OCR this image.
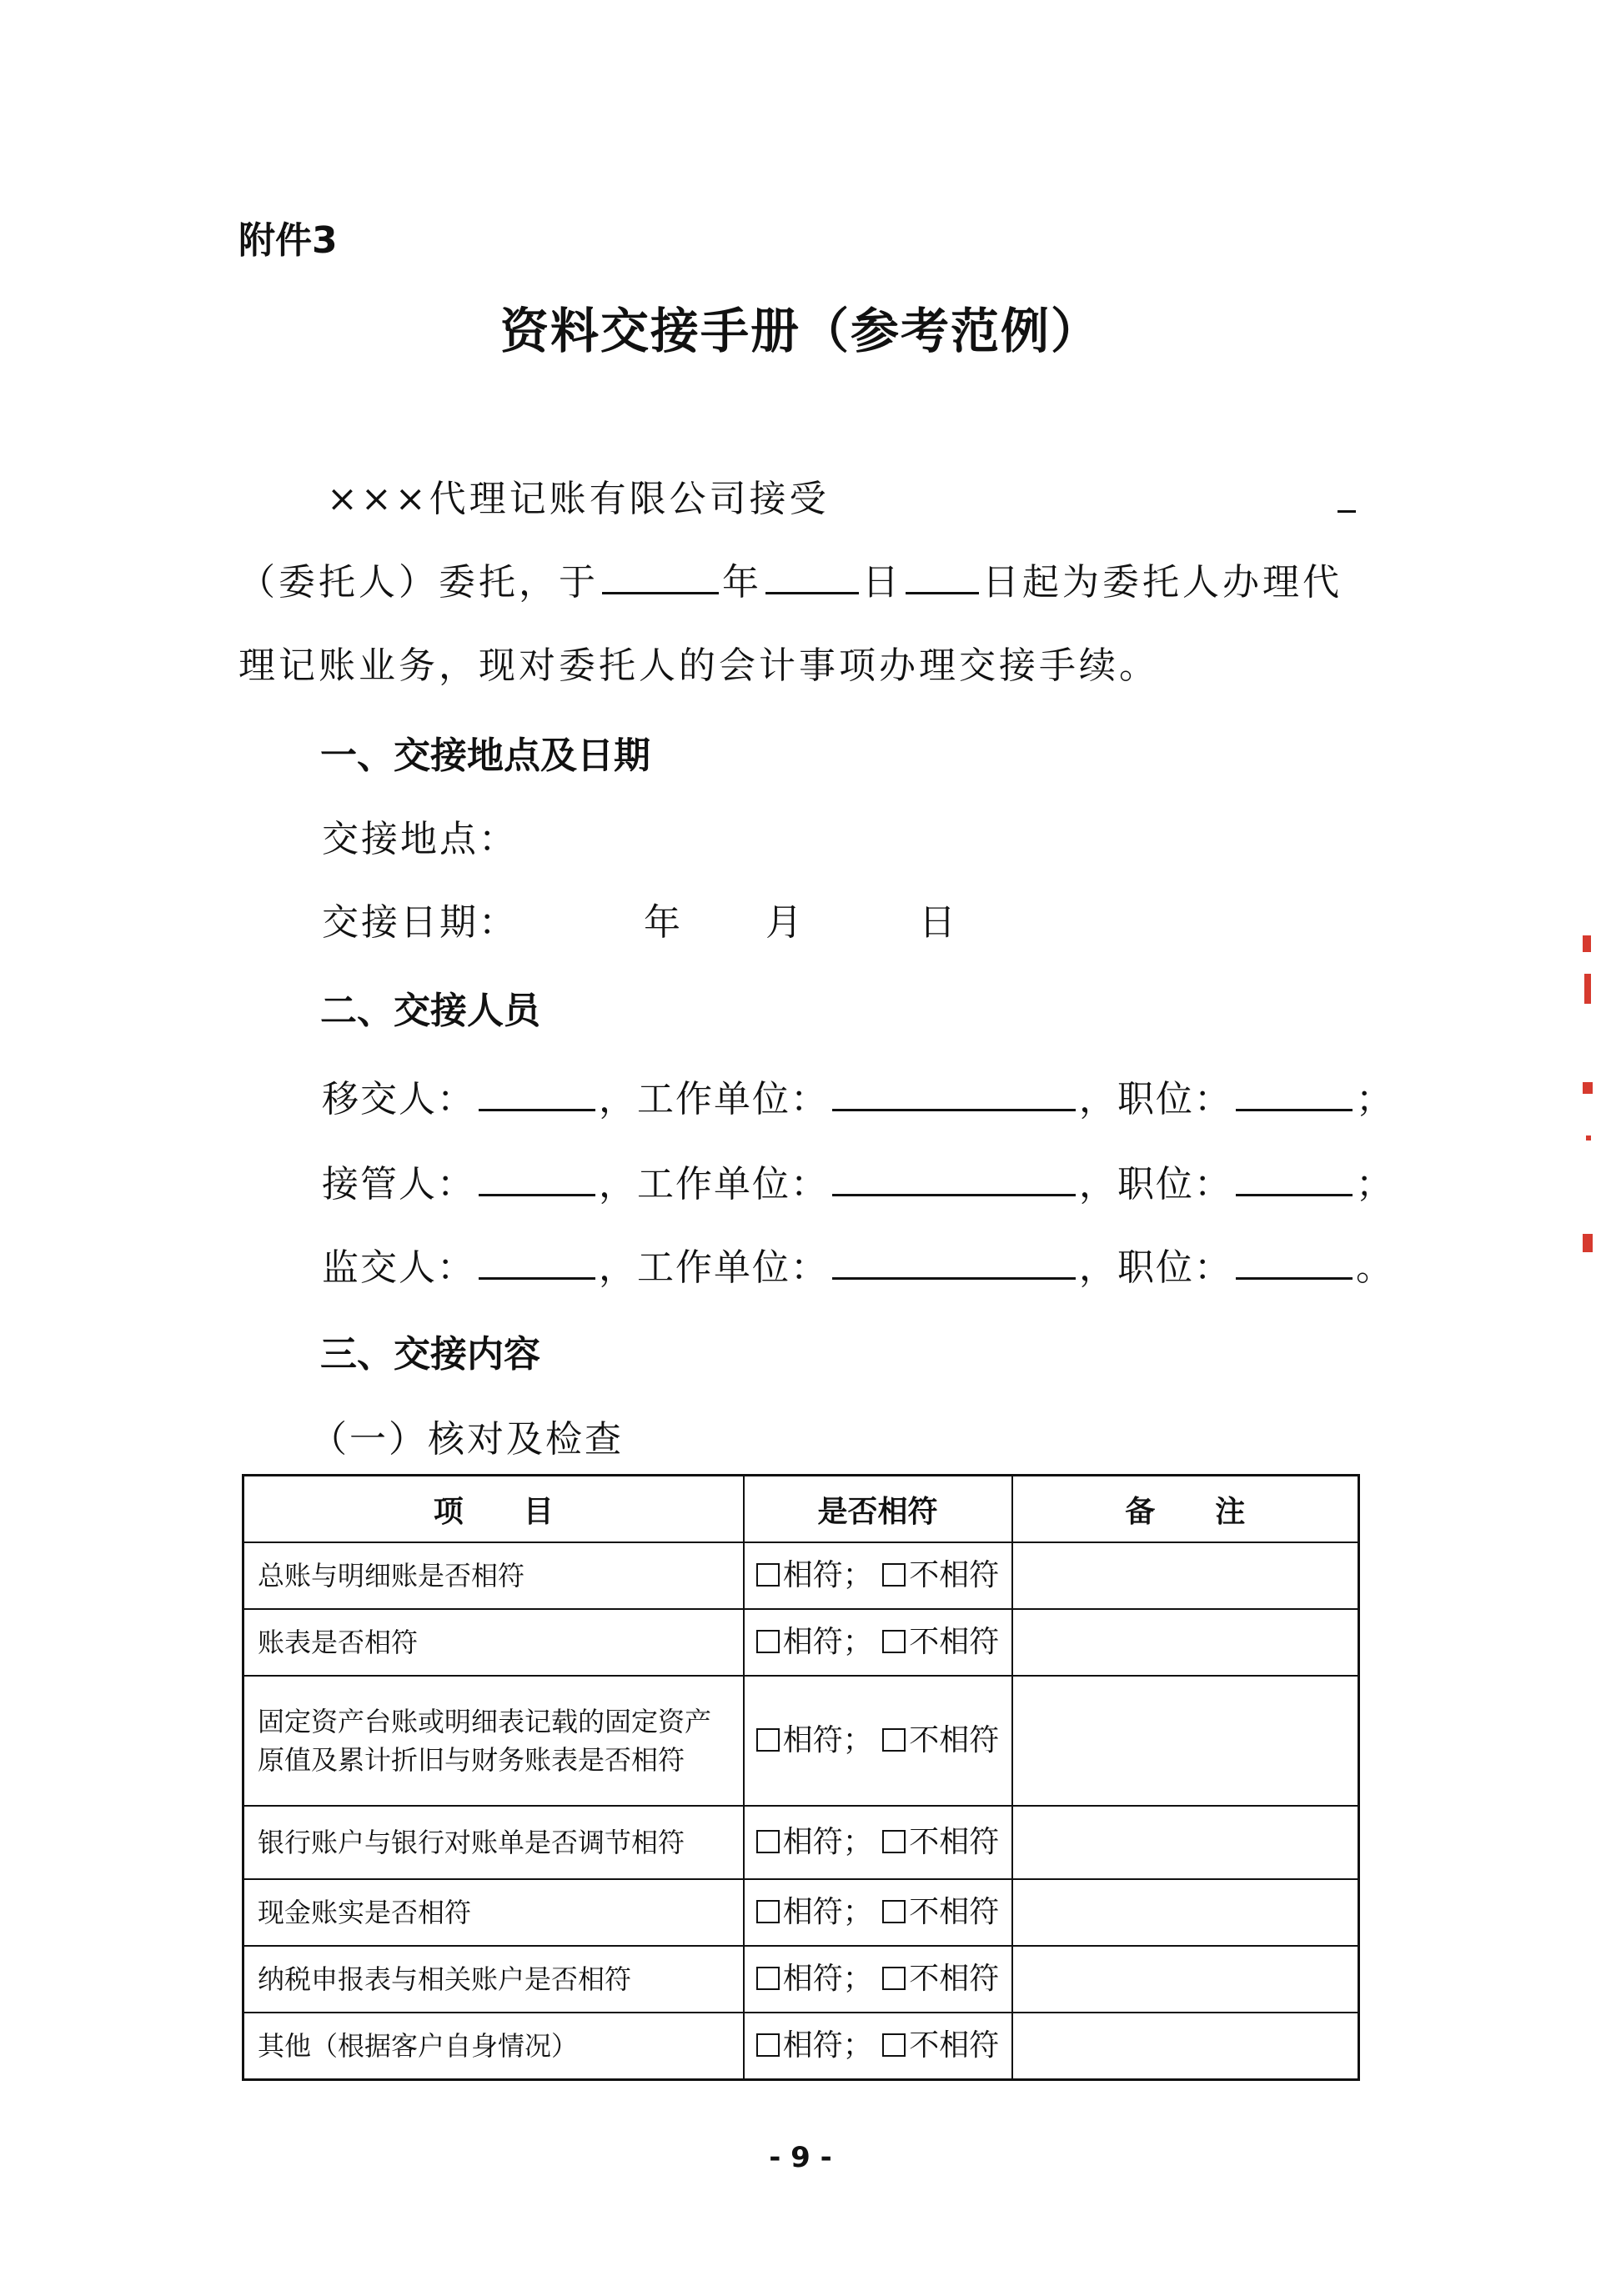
附件3
资料交接手册（参考范例）
×××代理记账有限公司接受
（委托人）委托，于	年	日 日起为委托人办理代
理记账业务，现对委托人的会计事项办理交接手续。
一、交接地点及日期
交接地点：
交接日期：	年 月	日
二、交接人员
移交人：	，工作单位：	，职位：	；
接管人：	，工作单位：	，职位：	；
监交人：	，工作单位：	，职位：	。
三、交接内容
（一）核对及检查
项　　目	是否相符	备　　注
总账与明细账是否相符	相符； 不相符	
账表是否相符	相符； 不相符	
固定资产台账或明细表记载的固定资产原值及累计折旧与财务账表是否相符	相符； 不相符	
银行账户与银行对账单是否调节相符	相符； 不相符	
现金账实是否相符	相符； 不相符	
纳税申报表与相关账户是否相符	相符； 不相符	
其他（根据客户自身情况）	相符； 不相符	
- 9 -
